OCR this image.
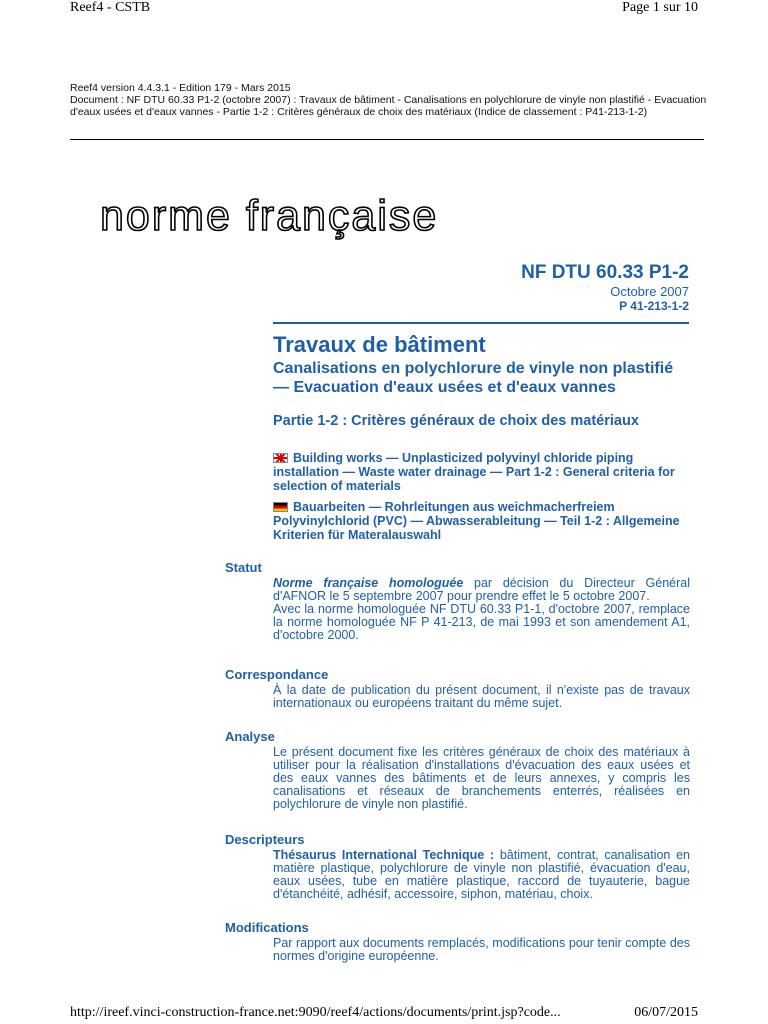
Reef4 - CSTB	Page 1 sur 10
Reef4 version 4.4.3.1 - Edition 179 - Mars 2015
Document : NF DTU 60.33 P1-2 (octobre 2007) : Travaux de bâtiment - Canalisations en polychlorure de vinyle non plastifié - Evacuation d'eaux usées et d'eaux vannes - Partie 1-2 : Critères généraux de choix des matériaux (Indice de classement : P41-213-1-2)
norme française
NF DTU 60.33 P1-2
Octobre 2007
P 41-213-1-2
Travaux de bâtiment
Canalisations en polychlorure de vinyle non plastifié — Evacuation d'eaux usées et d'eaux vannes
Partie 1-2 : Critères généraux de choix des matériaux
Building works — Unplasticized polyvinyl chloride piping installation — Waste water drainage — Part 1-2 : General criteria for selection of materials
Bauarbeiten — Rohrleitungen aus weichmacherfreiem Polyvinylchlorid (PVC) — Abwasserableitung — Teil 1-2 : Allgemeine Kriterien für Materalauswahl
Statut

Norme française homologuée par décision du Directeur Général d'AFNOR le 5 septembre 2007 pour prendre effet le 5 octobre 2007.

Avec la norme homologuée NF DTU 60.33 P1-1, d'octobre 2007, remplace la norme homologuée NF P 41-213, de mai 1993 et son amendement A1, d'octobre 2000.

Correspondance
À la date de publication du présent document, il n'existe pas de travaux internationaux ou européens traitant du même sujet.
Analyse
Le présent document fixe les critères généraux de choix des matériaux à utiliser pour la réalisation d'installations d'évacuation des eaux usées et des eaux vannes des bâtiments et de leurs annexes, y compris les canalisations et réseaux de branchements enterrés, réalisées en polychlorure de vinyle non plastifié.
Descripteurs
Thésaurus International Technique : bâtiment, contrat, canalisation en matière plastique, polychlorure de vinyle non plastifié, évacuation d'eau, eaux usées, tube en matière plastique, raccord de tuyauterie, bague d'étanchéité, adhésif, accessoire, siphon, matériau, choix.
Modifications
Par rapport aux documents remplacés, modifications pour tenir compte des normes d'origine européenne.
http://ireef.vinci-construction-france.net:9090/reef4/actions/documents/print.jsp?code...	06/07/2015
